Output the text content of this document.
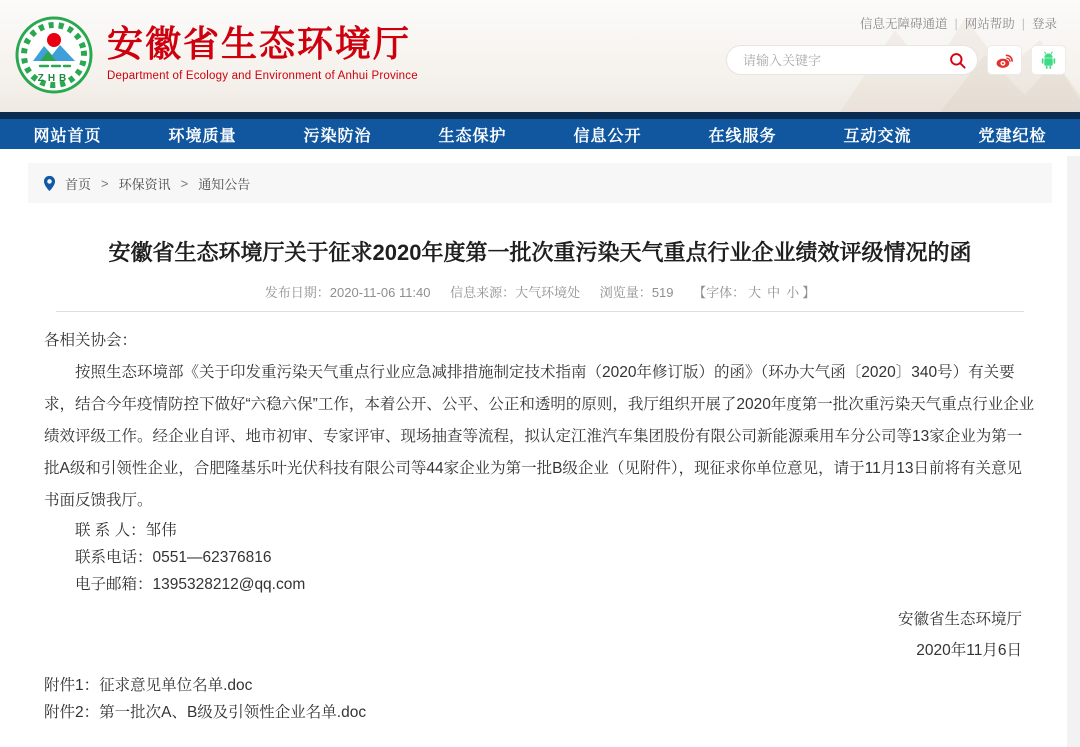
ZHB
安徽省生态环境厅
Department of Ecology and Environment of Anhui Province
信息无障碍通道 | 网站帮助 | 登录
请输入关键字
网站首页	环境质量	污染防治	生态保护	信息公开	在线服务	互动交流	党建纪检
首页 > 环保资讯 > 通知公告
安徽省生态环境厅关于征求2020年度第一批次重污染天气重点行业企业绩效评级情况的函
发布日期：2020-11-06 11:40 信息来源：大气环境处 浏览量：519 【字体： 大 中 小 】

各相关协会：

按照生态环境部《关于印发重污染天气重点行业应急减排措施制定技术指南（2020年修订版）的函》（环办大气函〔2020〕340号）有关要求，结合今年疫情防控下做好“六稳六保”工作，本着公开、公平、公正和透明的原则，我厅组织开展了2020年度第一批次重污染天气重点行业企业绩效评级工作。经企业自评、地市初审、专家评审、现场抽查等流程，拟认定江淮汽车集团股份有限公司新能源乘用车分公司等13家企业为第一批A级和引领性企业，合肥隆基乐叶光伏科技有限公司等44家企业为第一批B级企业（见附件），现征求你单位意见，请于11月13日前将有关意见书面反馈我厅。

联 系 人：邹伟

联系电话：0551—62376816

电子邮箱：1395328212@qq.com

安徽省生态环境厅
2020年11月6日
附件1：征求意见单位名单.doc
附件2：第一批次A、B级及引领性企业名单.doc
